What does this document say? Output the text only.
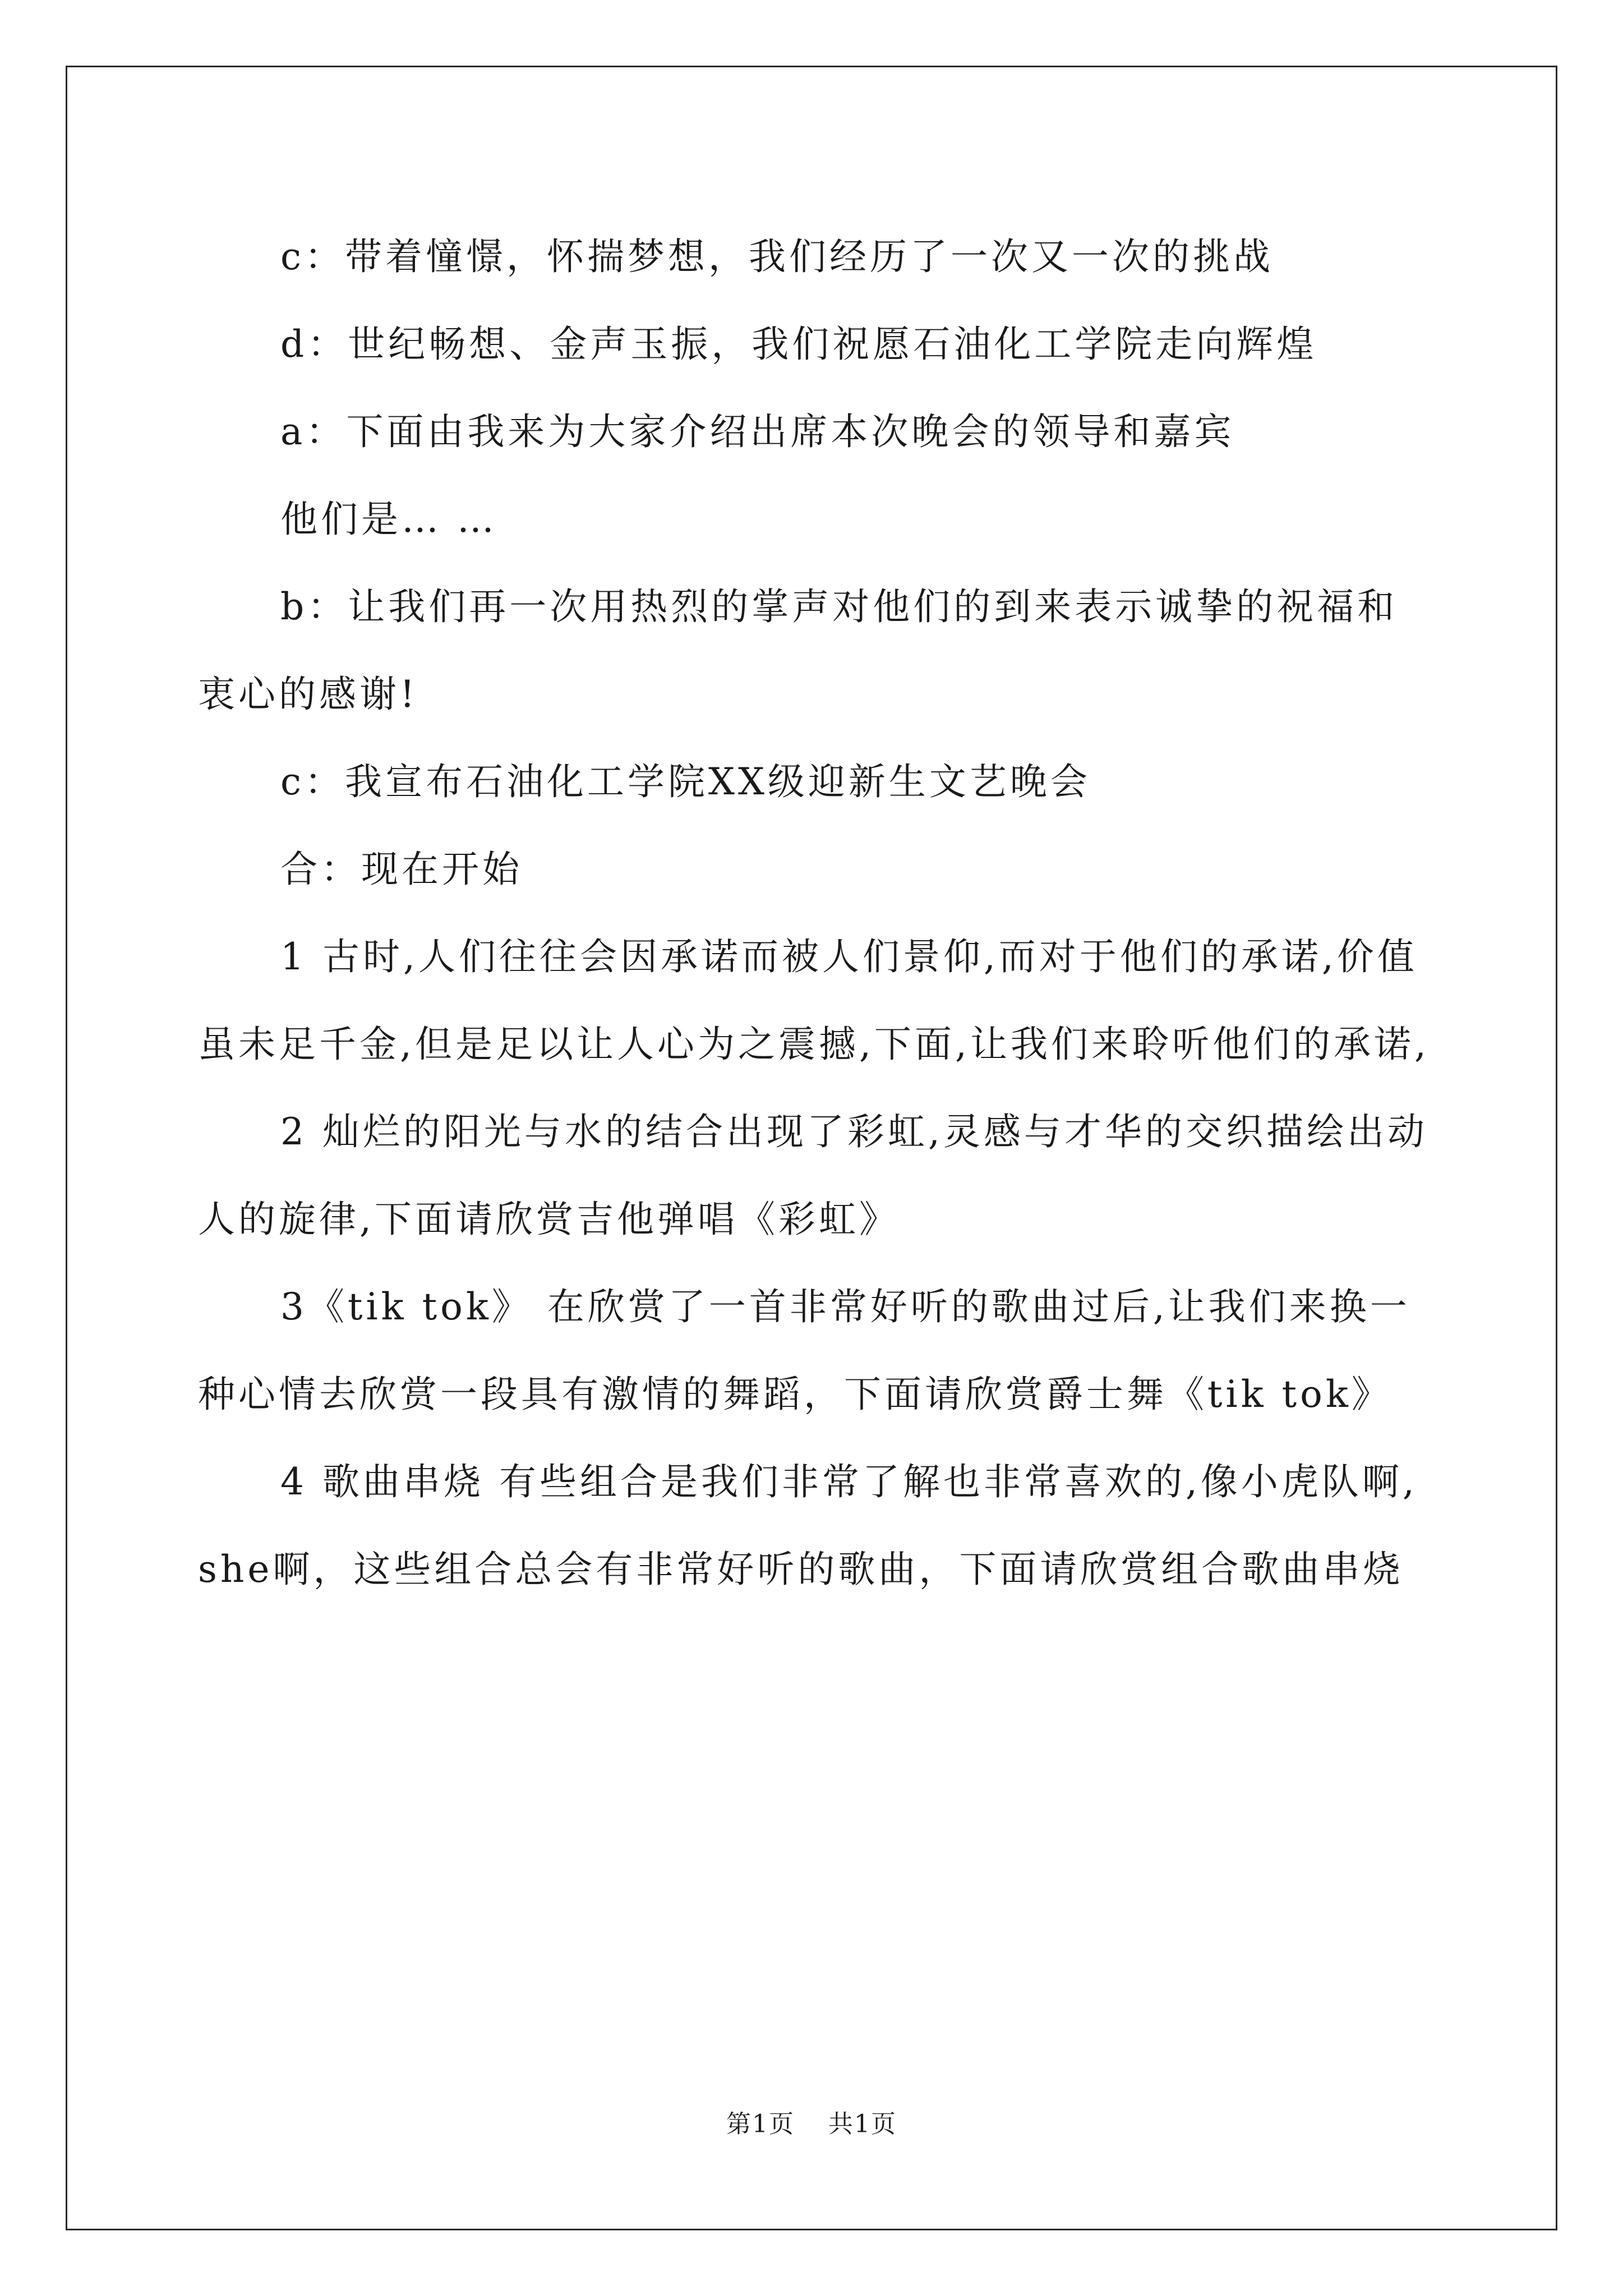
c：带着憧憬，怀揣梦想，我们经历了一次又一次的挑战

d：世纪畅想、金声玉振，我们祝愿石油化工学院走向辉煌

a：下面由我来为大家介绍出席本次晚会的领导和嘉宾

他们是… …

b：让我们再一次用热烈的掌声对他们的到来表示诚挚的祝福和衷心的感谢!

c：我宣布石油化工学院XX级迎新生文艺晚会

合：现在开始

1 古时,人们往往会因承诺而被人们景仰,而对于他们的承诺,价值虽未足千金,但是足以让人心为之震撼,下面,让我们来聆听他们的承诺,

2 灿烂的阳光与水的结合出现了彩虹,灵感与才华的交织描绘出动人的旋律,下面请欣赏吉他弹唱《彩虹》

3《tik tok》 在欣赏了一首非常好听的歌曲过后,让我们来换一种心情去欣赏一段具有激情的舞蹈，下面请欣赏爵士舞《tik tok》

4 歌曲串烧 有些组合是我们非常了解也非常喜欢的,像小虎队啊,she啊，这些组合总会有非常好听的歌曲，下面请欣赏组合歌曲串烧

第1页 共1页
